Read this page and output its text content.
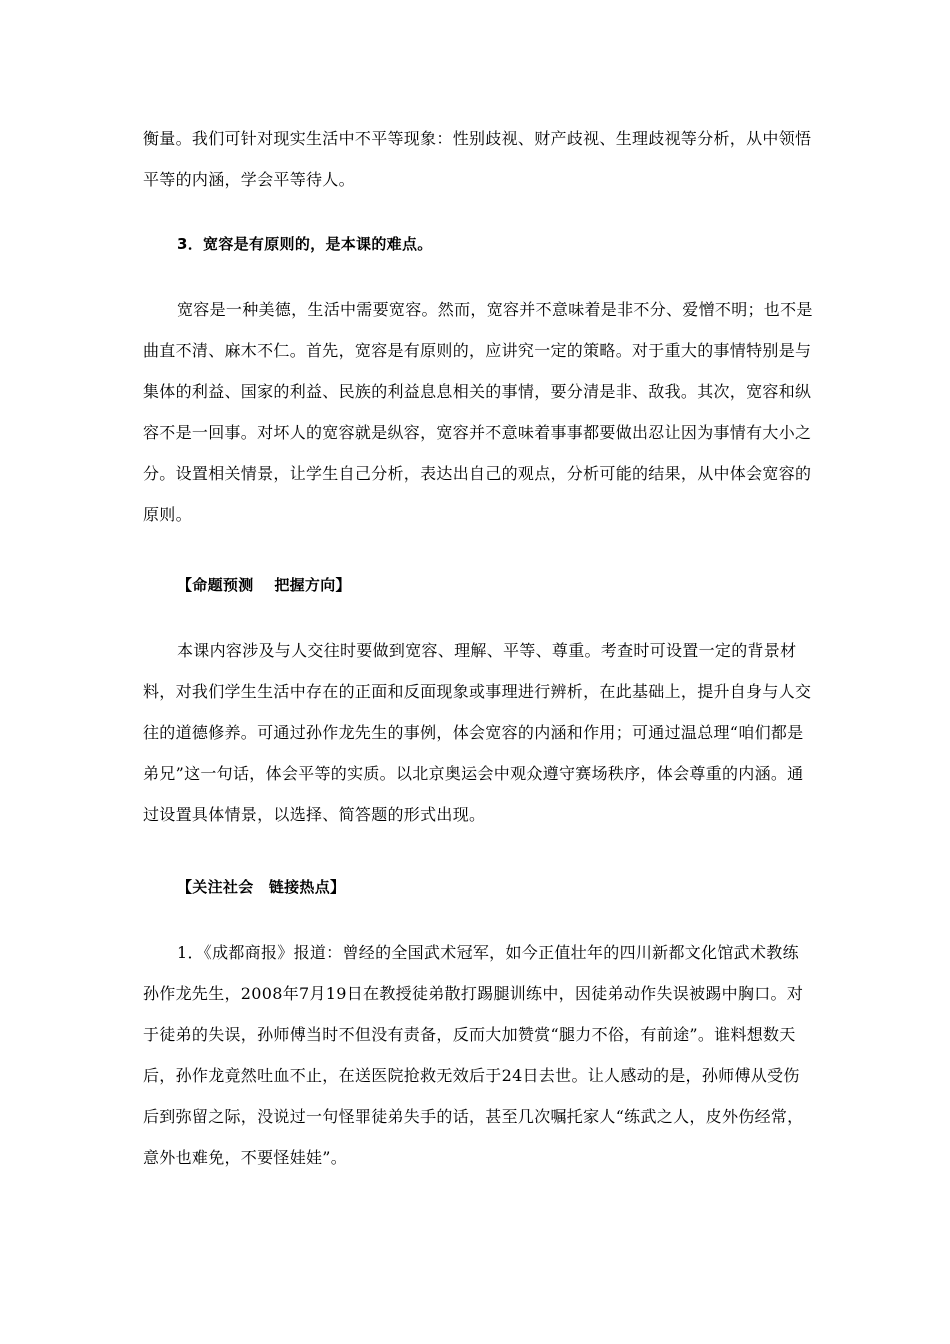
衡量。我们可针对现实生活中不平等现象：性别歧视、财产歧视、生理歧视等分析，从中领悟平等的内涵，学会平等待人。

3．宽容是有原则的，是本课的难点。

宽容是一种美德，生活中需要宽容。然而，宽容并不意味着是非不分、爱憎不明；也不是曲直不清、麻木不仁。首先，宽容是有原则的，应讲究一定的策略。对于重大的事情特别是与集体的利益、国家的利益、民族的利益息息相关的事情，要分清是非、敌我。其次，宽容和纵容不是一回事。对坏人的宽容就是纵容，宽容并不意味着事事都要做出忍让因为事情有大小之分。设置相关情景，让学生自己分析，表达出自己的观点，分析可能的结果，从中体会宽容的原则。

【命题预测　 把握方向】

本课内容涉及与人交往时要做到宽容、理解、平等、尊重。考查时可设置一定的背景材料，对我们学生生活中存在的正面和反面现象或事理进行辨析，在此基础上，提升自身与人交往的道德修养。可通过孙作龙先生的事例，体会宽容的内涵和作用；可通过温总理“咱们都是弟兄”这一句话，体会平等的实质。以北京奥运会中观众遵守赛场秩序，体会尊重的内涵。通过设置具体情景，以选择、简答题的形式出现。

【关注社会　链接热点】

1．《成都商报》报道：曾经的全国武术冠军，如今正值壮年的四川新都文化馆武术教练孙作龙先生，2008年7月19日在教授徒弟散打踢腿训练中，因徒弟动作失误被踢中胸口。对于徒弟的失误，孙师傅当时不但没有责备，反而大加赞赏“腿力不俗，有前途”。谁料想数天后，孙作龙竟然吐血不止，在送医院抢救无效后于24日去世。让人感动的是，孙师傅从受伤后到弥留之际，没说过一句怪罪徒弟失手的话，甚至几次嘱托家人“练武之人，皮外伤经常，意外也难免，不要怪娃娃”。
